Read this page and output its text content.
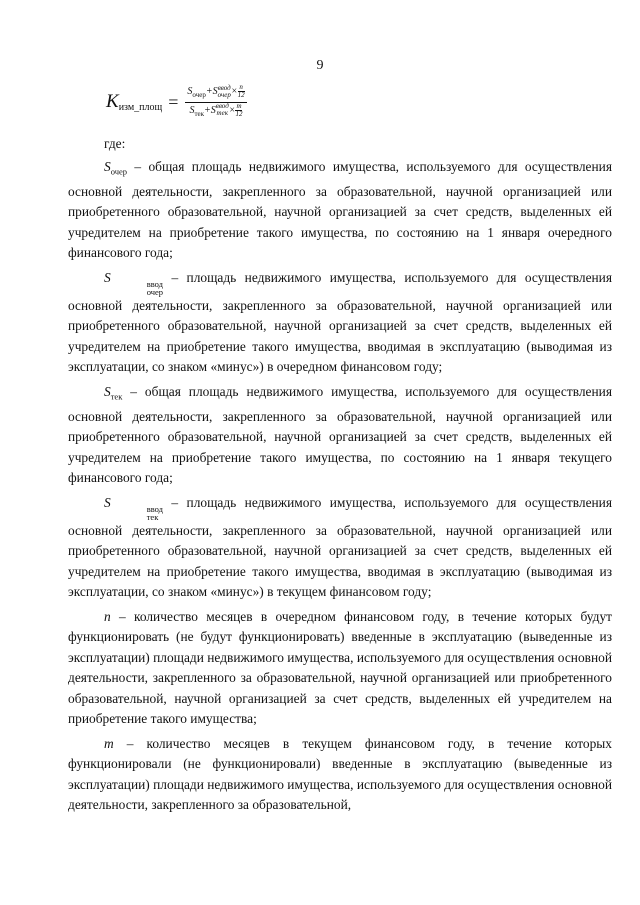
9
$K_{изм\_площ} = S_{очер}+S$ ввод
очер × $\frac{n}{12}$
$S_{тек}+S$ ввод
тек × $\frac{m}{12}$

где:

$S_{очер}$ – общая площадь недвижимого имущества, используемого для осуществления основной деятельности, закрепленного за образовательной, научной организацией или приобретенного образовательной, научной организацией за счет средств, выделенных ей учредителем на приобретение такого имущества, по состоянию на 1 января очередного финансового года;

S	ввод
очер
– площадь недвижимого имущества, используемого для осуществления основной деятельности, закрепленного за образовательной, научной организацией или приобретенного образовательной, научной организацией за счет средств, выделенных ей учредителем на приобретение такого имущества, вводимая в эксплуатацию (выводимая из эксплуатации, со знаком «минус») в очередном финансовом году;

$S_{тек}$ – общая площадь недвижимого имущества, используемого для осуществления основной деятельности, закрепленного за образовательной, научной организацией или приобретенного образовательной, научной организацией за счет средств, выделенных ей учредителем на приобретение такого имущества, по состоянию на 1 января текущего финансового года;

S	ввод
тек
– площадь недвижимого имущества, используемого для осуществления основной деятельности, закрепленного за образовательной, научной организацией или приобретенного образовательной, научной организацией за счет средств, выделенных ей учредителем на приобретение такого имущества, вводимая в эксплуатацию (выводимая из эксплуатации, со знаком «минус») в текущем финансовом году;

n – количество месяцев в очередном финансовом году, в течение которых будут функционировать (не будут функционировать) введенные в эксплуатацию (выведенные из эксплуатации) площади недвижимого имущества, используемого для осуществления основной деятельности, закрепленного за образовательной, научной организацией или приобретенного образовательной, научной организацией за счет средств, выделенных ей учредителем на приобретение такого имущества;

m – количество месяцев в текущем финансовом году, в течение которых функционировали (не функционировали) введенные в эксплуатацию (выведенные из эксплуатации) площади недвижимого имущества, используемого для осуществления основной деятельности, закрепленного за образовательной,
